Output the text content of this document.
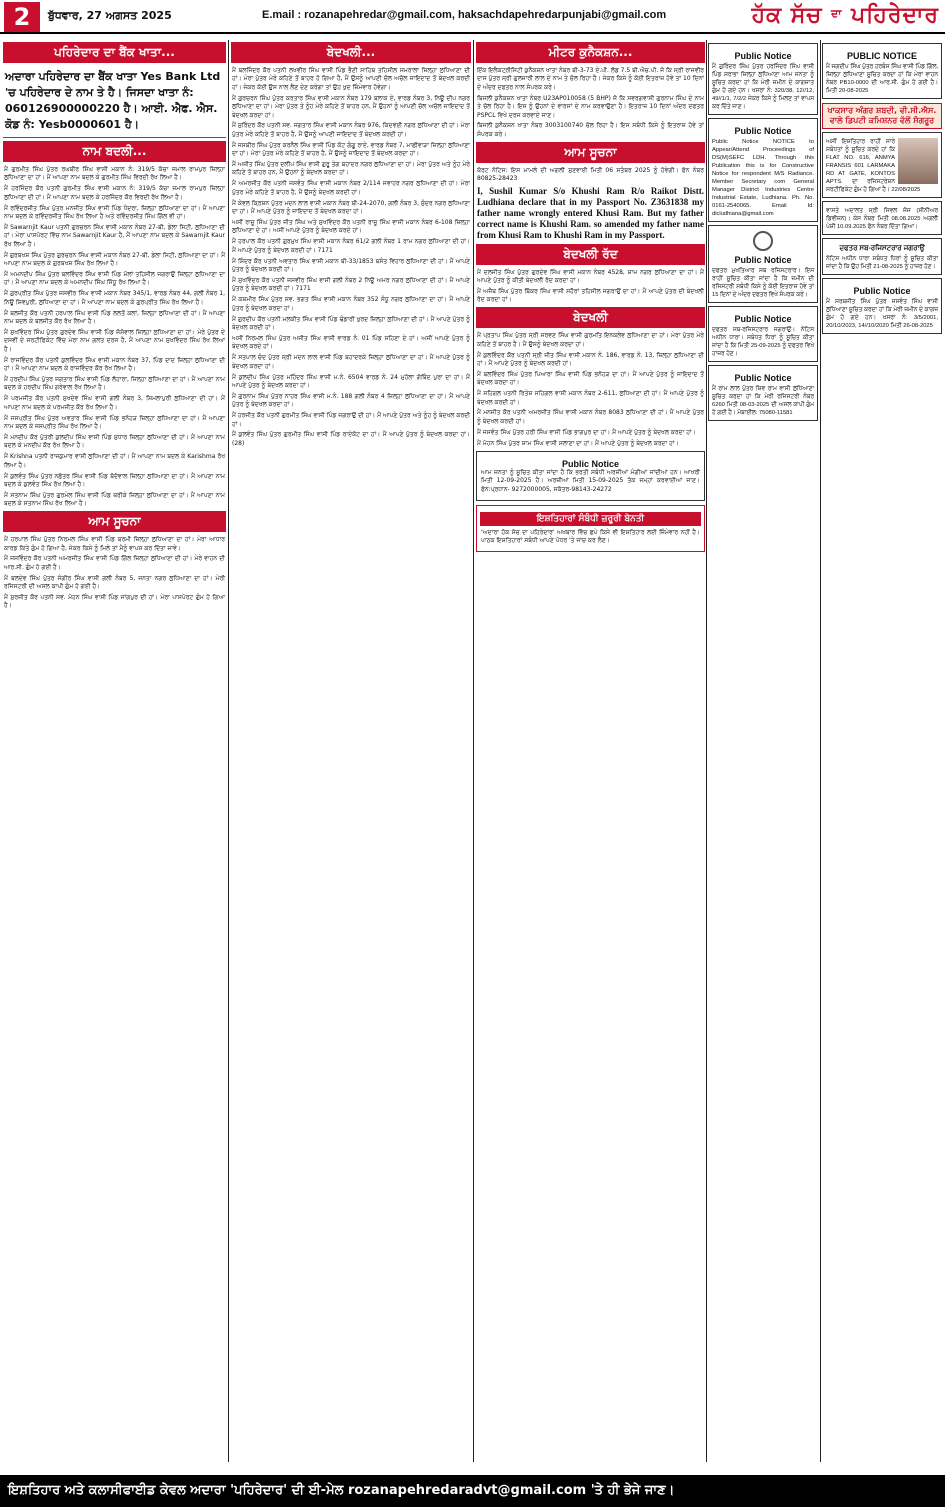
2	ਬੁੱਧਵਾਰ, 27 ਅਗਸਤ 2025	E.mail : rozanapehredar@gmail.com, haksachdapehredarpunjabi@gmail.com	ਹੱਕ ਸੱਚ $^{ਦਾ}$ ਪਹਿਰੇਦਾਰ
ਪਹਿਰੇਦਾਰ ਦਾ ਬੈਂਕ ਖਾਤਾ...
ਅਦਾਰਾ ਪਹਿਰੇਦਾਰ ਦਾ ਬੈਂਕ ਖਾਤਾ Yes Bank Ltd 'ਚ ਪਹਿਰੇਦਾਰ ਦੇ ਨਾਮ ਤੇ ਹੈ। ਜਿਸਦਾ ਖਾਤਾ ਨੰ: 060126900000220 ਹੈ। ਆਈ. ਐਫ. ਐਸ. ਕੋਡ ਨੰ: Yesb0000601 ਹੈ।
ਨਾਮ ਬਦਲੀ...

ਮੈਂ ਗੁਰਮੀਤ ਸਿੰਘ ਪੁੱਤਰ ਰਘਬੀਰ ਸਿੰਘ ਵਾਸੀ ਮਕਾਨ ਨੰ: 319/5 ਕੱਚਾ ਜਮਾਲ ਰਾਮਪੁਰ ਜ਼ਿਲ੍ਹਾ ਲੁਧਿਆਣਾ ਦਾ ਹਾਂ। ਮੈਂ ਆਪਣਾ ਨਾਮ ਬਦਲ ਕੇ ਗੁਰਮੀਤ ਸਿੰਘ ਵਿਰਦੀ ਰੱਖ ਲਿਆ ਹੈ।

ਮੈਂ ਹਰਜਿੰਦਰ ਕੌਰ ਪਤਨੀ ਗੁਰਮੀਤ ਸਿੰਘ ਵਾਸੀ ਮਕਾਨ ਨੰ: 319/5 ਕੱਚਾ ਜਮਾਲ ਰਾਮਪੁਰ ਜ਼ਿਲ੍ਹਾ ਲੁਧਿਆਣਾ ਦੀ ਹਾਂ। ਮੈਂ ਆਪਣਾ ਨਾਮ ਬਦਲ ਕੇ ਹਰਜਿੰਦਰ ਕੌਰ ਵਿਰਦੀ ਰੱਖ ਲਿਆ ਹੈ।

ਮੈਂ ਰਵਿੰਦਰਜੀਤ ਸਿੰਘ ਪੁੱਤਰ ਮਨਜੀਤ ਸਿੰਘ ਵਾਸੀ ਪਿੰਡ ਧੰਦਰਾ, ਜ਼ਿਲ੍ਹਾ ਲੁਧਿਆਣਾ ਦਾ ਹਾਂ। ਮੈਂ ਆਪਣਾ ਨਾਮ ਬਦਲ ਕੇ ਰਵਿੰਦਰਜੀਤ ਸਿੰਘ ਰੱਖ ਲਿਆ ਹੈ ਅਤੇ ਰਵਿੰਦਰਜੀਤ ਸਿੰਘ ਗਿੱਲ ਵੀ ਹਾਂ।

ਮੈਂ Sawarnjit Kaur ਪਤਨੀ ਗੁਰਚਰਨ ਸਿੰਘ ਵਾਸੀ ਮਕਾਨ ਨੰਬਰ 27-ਬੀ, ਡੇਲਾ ਸਿਟੀ, ਲੁਧਿਆਣਾ ਦੀ ਹਾਂ। ਮੇਰਾ ਪਾਸਪੋਰਟ ਵਿੱਚ ਨਾਮ Sawarnjit Kaur ਹੈ, ਮੈਂ ਆਪਣਾ ਨਾਮ ਬਦਲ ਕੇ Sawarnjit Kaur ਰੱਖ ਲਿਆ ਹੈ।

ਮੈਂ ਗੁਰਬਖਸ਼ ਸਿੰਘ ਪੁੱਤਰ ਗੁਰਚਰਨ ਸਿੰਘ ਵਾਸੀ ਮਕਾਨ ਨੰਬਰ 27-ਬੀ, ਡੇਲਾ ਸਿਟੀ, ਲੁਧਿਆਣਾ ਦਾ ਹਾਂ। ਮੈਂ ਆਪਣਾ ਨਾਮ ਬਦਲ ਕੇ ਗੁਰਬਖਸ਼ ਸਿੰਘ ਰੱਖ ਲਿਆ ਹੈ।

ਮੈਂ ਅਮਨਦੀਪ ਸਿੰਘ ਪੁੱਤਰ ਬਲਵਿੰਦਰ ਸਿੰਘ ਵਾਸੀ ਪਿੰਡ ਮੱਲਾਂ ਤਹਿਸੀਲ ਜਗਰਾਉਂ ਜ਼ਿਲ੍ਹਾ ਲੁਧਿਆਣਾ ਦਾ ਹਾਂ। ਮੈਂ ਆਪਣਾ ਨਾਮ ਬਦਲ ਕੇ ਅਮਨਦੀਪ ਸਿੰਘ ਸਿੱਧੂ ਰੱਖ ਲਿਆ ਹੈ।

ਮੈਂ ਗੁਰਪ੍ਰੀਤ ਸਿੰਘ ਪੁੱਤਰ ਜਸਵੀਰ ਸਿੰਘ ਵਾਸੀ ਮਕਾਨ ਨੰਬਰ 345/1, ਵਾਰਡ ਨੰਬਰ 44, ਗਲੀ ਨੰਬਰ 1, ਨਿਊ ਸ਼ਿਵਪੁਰੀ, ਲੁਧਿਆਣਾ ਦਾ ਹਾਂ। ਮੈਂ ਆਪਣਾ ਨਾਮ ਬਦਲ ਕੇ ਗੁਰਪ੍ਰੀਤ ਸਿੰਘ ਰੱਖ ਲਿਆ ਹੈ।

ਮੈਂ ਬਲਜੀਤ ਕੌਰ ਪਤਨੀ ਹਰਪਾਲ ਸਿੰਘ ਵਾਸੀ ਪਿੰਡ ਲਲਤੋਂ ਕਲਾਂ, ਜ਼ਿਲ੍ਹਾ ਲੁਧਿਆਣਾ ਦੀ ਹਾਂ। ਮੈਂ ਆਪਣਾ ਨਾਮ ਬਦਲ ਕੇ ਬਲਜੀਤ ਕੌਰ ਰੱਖ ਲਿਆ ਹੈ।

ਮੈਂ ਸੁਖਵਿੰਦਰ ਸਿੰਘ ਪੁੱਤਰ ਗੁਰਦੇਵ ਸਿੰਘ ਵਾਸੀ ਪਿੰਡ ਜੱਸੋਵਾਲ ਜ਼ਿਲ੍ਹਾ ਲੁਧਿਆਣਾ ਦਾ ਹਾਂ। ਮੇਰੇ ਪੁੱਤਰ ਦੇ ਦਸਵੀਂ ਦੇ ਸਰਟੀਫਿਕੇਟ ਵਿੱਚ ਮੇਰਾ ਨਾਮ ਗਲਤ ਦਰਜ ਹੈ, ਮੈਂ ਆਪਣਾ ਨਾਮ ਸੁਖਵਿੰਦਰ ਸਿੰਘ ਰੱਖ ਲਿਆ ਹੈ।

ਮੈਂ ਰਾਜਵਿੰਦਰ ਕੌਰ ਪਤਨੀ ਕੁਲਵਿੰਦਰ ਸਿੰਘ ਵਾਸੀ ਮਕਾਨ ਨੰਬਰ 37, ਪਿੰਡ ਦਾਦ ਜ਼ਿਲ੍ਹਾ ਲੁਧਿਆਣਾ ਦੀ ਹਾਂ। ਮੈਂ ਆਪਣਾ ਨਾਮ ਬਦਲ ਕੇ ਰਾਜਵਿੰਦਰ ਕੌਰ ਰੱਖ ਲਿਆ ਹੈ।

ਮੈਂ ਹਰਦੀਪ ਸਿੰਘ ਪੁੱਤਰ ਜਗਤਾਰ ਸਿੰਘ ਵਾਸੀ ਪਿੰਡ ਲੋਹਾਰਾ, ਜ਼ਿਲ੍ਹਾ ਲੁਧਿਆਣਾ ਦਾ ਹਾਂ। ਮੈਂ ਆਪਣਾ ਨਾਮ ਬਦਲ ਕੇ ਹਰਦੀਪ ਸਿੰਘ ਗਰੇਵਾਲ ਰੱਖ ਲਿਆ ਹੈ।

ਮੈਂ ਪਰਮਜੀਤ ਕੌਰ ਪਤਨੀ ਸੁਖਦੇਵ ਸਿੰਘ ਵਾਸੀ ਗਲੀ ਨੰਬਰ 3, ਸ਼ਿਮਲਾਪੁਰੀ ਲੁਧਿਆਣਾ ਦੀ ਹਾਂ। ਮੈਂ ਆਪਣਾ ਨਾਮ ਬਦਲ ਕੇ ਪਰਮਜੀਤ ਕੌਰ ਰੱਖ ਲਿਆ ਹੈ।

ਮੈਂ ਜਸਪ੍ਰੀਤ ਸਿੰਘ ਪੁੱਤਰ ਅਵਤਾਰ ਸਿੰਘ ਵਾਸੀ ਪਿੰਡ ਭਨੋਹੜ ਜ਼ਿਲ੍ਹਾ ਲੁਧਿਆਣਾ ਦਾ ਹਾਂ। ਮੈਂ ਆਪਣਾ ਨਾਮ ਬਦਲ ਕੇ ਜਸਪ੍ਰੀਤ ਸਿੰਘ ਰੱਖ ਲਿਆ ਹੈ।

ਮੈਂ ਮਨਦੀਪ ਕੌਰ ਪੁੱਤਰੀ ਕੁਲਦੀਪ ਸਿੰਘ ਵਾਸੀ ਪਿੰਡ ਸੁਧਾਰ ਜ਼ਿਲ੍ਹਾ ਲੁਧਿਆਣਾ ਦੀ ਹਾਂ। ਮੈਂ ਆਪਣਾ ਨਾਮ ਬਦਲ ਕੇ ਮਨਦੀਪ ਕੌਰ ਰੱਖ ਲਿਆ ਹੈ।

ਮੈਂ Krishna ਪਤਨੀ ਰਾਜਕੁਮਾਰ ਵਾਸੀ ਲੁਧਿਆਣਾ ਦੀ ਹਾਂ। ਮੈਂ ਆਪਣਾ ਨਾਮ ਬਦਲ ਕੇ Karishma ਰੱਖ ਲਿਆ ਹੈ।

ਮੈਂ ਕੁਲਵੰਤ ਸਿੰਘ ਪੁੱਤਰ ਨਛੱਤਰ ਸਿੰਘ ਵਾਸੀ ਪਿੰਡ ਬੱਦੋਵਾਲ ਜ਼ਿਲ੍ਹਾ ਲੁਧਿਆਣਾ ਦਾ ਹਾਂ। ਮੈਂ ਆਪਣਾ ਨਾਮ ਬਦਲ ਕੇ ਕੁਲਵੰਤ ਸਿੰਘ ਰੱਖ ਲਿਆ ਹੈ।

ਮੈਂ ਸਤਨਾਮ ਸਿੰਘ ਪੁੱਤਰ ਗੁਰਮੇਲ ਸਿੰਘ ਵਾਸੀ ਪਿੰਡ ਥਰੀਕੇ ਜ਼ਿਲ੍ਹਾ ਲੁਧਿਆਣਾ ਦਾ ਹਾਂ। ਮੈਂ ਆਪਣਾ ਨਾਮ ਬਦਲ ਕੇ ਸਤਨਾਮ ਸਿੰਘ ਰੱਖ ਲਿਆ ਹੈ।

ਆਮ ਸੂਚਨਾ

ਮੈਂ ਹਰਪਾਲ ਸਿੰਘ ਪੁੱਤਰ ਨਿਰਮਲ ਸਿੰਘ ਵਾਸੀ ਪਿੰਡ ਬਰਮੀ ਜ਼ਿਲ੍ਹਾ ਲੁਧਿਆਣਾ ਦਾ ਹਾਂ। ਮੇਰਾ ਆਧਾਰ ਕਾਰਡ ਕਿਤੇ ਗੁੰਮ ਹੋ ਗਿਆ ਹੈ, ਜੇਕਰ ਕਿਸੇ ਨੂੰ ਮਿਲੇ ਤਾਂ ਮੈਨੂੰ ਵਾਪਸ ਕਰ ਦਿੱਤਾ ਜਾਵੇ।

ਮੈਂ ਜਸਵਿੰਦਰ ਕੌਰ ਪਤਨੀ ਅਮਰਜੀਤ ਸਿੰਘ ਵਾਸੀ ਪਿੰਡ ਗਿੱਲ ਜ਼ਿਲ੍ਹਾ ਲੁਧਿਆਣਾ ਦੀ ਹਾਂ। ਮੇਰੇ ਵਾਹਨ ਦੀ ਆਰ.ਸੀ. ਗੁੰਮ ਹੋ ਗਈ ਹੈ।

ਮੈਂ ਬਲਦੇਵ ਸਿੰਘ ਪੁੱਤਰ ਜੰਗੀਰ ਸਿੰਘ ਵਾਸੀ ਗਲੀ ਨੰਬਰ 5, ਜਨਤਾ ਨਗਰ ਲੁਧਿਆਣਾ ਦਾ ਹਾਂ। ਮੇਰੀ ਰਜਿਸਟਰੀ ਦੀ ਅਸਲ ਕਾਪੀ ਗੁੰਮ ਹੋ ਗਈ ਹੈ।

ਮੈਂ ਸੁਰਜੀਤ ਕੌਰ ਪਤਨੀ ਸਵ. ਮੋਹਨ ਸਿੰਘ ਵਾਸੀ ਪਿੰਡ ਜਾਂਗਪੁਰ ਦੀ ਹਾਂ। ਮੇਰਾ ਪਾਸਪੋਰਟ ਗੁੰਮ ਹੋ ਗਿਆ ਹੈ।

ਬੇਦਖਲੀ...

ਮੈਂ ਬਲਜਿੰਦਰ ਕੌਰ ਪਤਨੀ ਲਖਵੀਰ ਸਿੰਘ ਵਾਸੀ ਪਿੰਡ ਭੈਣੀ ਸਾਹਿਬ ਤਹਿਸੀਲ ਸਮਰਾਲਾ ਜ਼ਿਲ੍ਹਾ ਲੁਧਿਆਣਾ ਦੀ ਹਾਂ। ਮੇਰਾ ਪੁੱਤਰ ਮੇਰੇ ਕਹਿਣੇ ਤੋਂ ਬਾਹਰ ਹੋ ਗਿਆ ਹੈ, ਮੈਂ ਉਸਨੂੰ ਆਪਣੀ ਚੱਲ ਅਚੱਲ ਜਾਇਦਾਦ ਤੋਂ ਬੇਦਖਲ ਕਰਦੀ ਹਾਂ। ਜੇਕਰ ਕੋਈ ਉਸ ਨਾਲ ਲੈਣ ਦੇਣ ਕਰੇਗਾ ਤਾਂ ਉਹ ਖੁਦ ਜ਼ਿੰਮੇਵਾਰ ਹੋਵੇਗਾ।

ਮੈਂ ਗੁਰਚਰਨ ਸਿੰਘ ਪੁੱਤਰ ਕਰਤਾਰ ਸਿੰਘ ਵਾਸੀ ਮਕਾਨ ਨੰਬਰ 179 ਬਲਾਕ ਏ, ਵਾਰਡ ਨੰਬਰ 3, ਨਿਊ ਦੀਪ ਨਗਰ ਲੁਧਿਆਣਾ ਦਾ ਹਾਂ। ਮੇਰਾ ਪੁੱਤਰ ਤੇ ਨੂੰਹ ਮੇਰੇ ਕਹਿਣੇ ਤੋਂ ਬਾਹਰ ਹਨ, ਮੈਂ ਉਹਨਾਂ ਨੂੰ ਆਪਣੀ ਚੱਲ ਅਚੱਲ ਜਾਇਦਾਦ ਤੋਂ ਬੇਦਖਲ ਕਰਦਾ ਹਾਂ।

ਮੈਂ ਸੁਰਿੰਦਰ ਕੌਰ ਪਤਨੀ ਸਵ. ਜਗਤਾਰ ਸਿੰਘ ਵਾਸੀ ਮਕਾਨ ਨੰਬਰ 976, ਕਿਦਵਈ ਨਗਰ ਲੁਧਿਆਣਾ ਦੀ ਹਾਂ। ਮੇਰਾ ਪੁੱਤਰ ਮੇਰੇ ਕਹਿਣੇ ਤੋਂ ਬਾਹਰ ਹੈ, ਮੈਂ ਉਸਨੂੰ ਆਪਣੀ ਜਾਇਦਾਦ ਤੋਂ ਬੇਦਖਲ ਕਰਦੀ ਹਾਂ।

ਮੈਂ ਜਸਬੀਰ ਸਿੰਘ ਪੁੱਤਰ ਕਰਨੈਲ ਸਿੰਘ ਵਾਸੀ ਪਿੰਡ ਕੋਟ ਗੰਗੂ ਰਾਏ, ਵਾਰਡ ਨੰਬਰ 7, ਮਾਛੀਵਾੜਾ ਜ਼ਿਲ੍ਹਾ ਲੁਧਿਆਣਾ ਦਾ ਹਾਂ। ਮੇਰਾ ਪੁੱਤਰ ਮੇਰੇ ਕਹਿਣੇ ਤੋਂ ਬਾਹਰ ਹੈ, ਮੈਂ ਉਸਨੂੰ ਜਾਇਦਾਦ ਤੋਂ ਬੇਦਖਲ ਕਰਦਾ ਹਾਂ।

ਮੈਂ ਅਜੀਤ ਸਿੰਘ ਪੁੱਤਰ ਦਲੀਪ ਸਿੰਘ ਵਾਸੀ ਗੁਰੂ ਤੇਗ ਬਹਾਦਰ ਨਗਰ ਲੁਧਿਆਣਾ ਦਾ ਹਾਂ। ਮੇਰਾ ਪੁੱਤਰ ਅਤੇ ਨੂੰਹ ਮੇਰੇ ਕਹਿਣੇ ਤੋਂ ਬਾਹਰ ਹਨ, ਮੈਂ ਉਹਨਾਂ ਨੂੰ ਬੇਦਖਲ ਕਰਦਾ ਹਾਂ।

ਮੈਂ ਅਮਰਜੀਤ ਕੌਰ ਪਤਨੀ ਜਸਵੰਤ ਸਿੰਘ ਵਾਸੀ ਮਕਾਨ ਨੰਬਰ 2/114 ਜਵਾਹਰ ਨਗਰ ਲੁਧਿਆਣਾ ਦੀ ਹਾਂ। ਮੇਰਾ ਪੁੱਤਰ ਮੇਰੇ ਕਹਿਣੇ ਤੋਂ ਬਾਹਰ ਹੈ, ਮੈਂ ਉਸਨੂੰ ਬੇਦਖਲ ਕਰਦੀ ਹਾਂ।

ਮੈਂ ਕੇਵਲ ਕ੍ਰਿਸ਼ਨ ਪੁੱਤਰ ਮਦਨ ਲਾਲ ਵਾਸੀ ਮਕਾਨ ਨੰਬਰ ਬੀ-24-2070, ਗਲੀ ਨੰਬਰ 3, ਸੁੰਦਰ ਨਗਰ ਲੁਧਿਆਣਾ ਦਾ ਹਾਂ। ਮੈਂ ਆਪਣੇ ਪੁੱਤਰ ਨੂੰ ਜਾਇਦਾਦ ਤੋਂ ਬੇਦਖਲ ਕਰਦਾ ਹਾਂ।

ਅਸੀਂ ਰਾਜੂ ਸਿੰਘ ਪੁੱਤਰ ਜੀਤ ਸਿੰਘ ਅਤੇ ਸੁਖਵਿੰਦਰ ਕੌਰ ਪਤਨੀ ਰਾਜੂ ਸਿੰਘ ਵਾਸੀ ਮਕਾਨ ਨੰਬਰ 6-108 ਜ਼ਿਲ੍ਹਾ ਲੁਧਿਆਣਾ ਦੇ ਹਾਂ। ਅਸੀਂ ਆਪਣੇ ਪੁੱਤਰ ਨੂੰ ਬੇਦਖਲ ਕਰਦੇ ਹਾਂ।

ਮੈਂ ਹਰਪਾਲ ਕੌਰ ਪਤਨੀ ਗੁਰਮੁਖ ਸਿੰਘ ਵਾਸੀ ਮਕਾਨ ਨੰਬਰ 61/2 ਗਲੀ ਨੰਬਰ 1 ਰਾਮ ਨਗਰ ਲੁਧਿਆਣਾ ਦੀ ਹਾਂ। ਮੈਂ ਆਪਣੇ ਪੁੱਤਰ ਨੂੰ ਬੇਦਖਲ ਕਰਦੀ ਹਾਂ। 7171

ਮੈਂ ਸ਼ਿੰਦਰ ਕੌਰ ਪਤਨੀ ਅਵਤਾਰ ਸਿੰਘ ਵਾਸੀ ਮਕਾਨ ਬੀ-33/1853 ਬਸੰਤ ਵਿਹਾਰ ਲੁਧਿਆਣਾ ਦੀ ਹਾਂ। ਮੈਂ ਆਪਣੇ ਪੁੱਤਰ ਨੂੰ ਬੇਦਖਲ ਕਰਦੀ ਹਾਂ।

ਮੈਂ ਸੁਖਵਿੰਦਰ ਕੌਰ ਪਤਨੀ ਜਸਵੀਰ ਸਿੰਘ ਵਾਸੀ ਗਲੀ ਨੰਬਰ 2 ਨਿਊ ਅਮਰ ਨਗਰ ਲੁਧਿਆਣਾ ਦੀ ਹਾਂ। ਮੈਂ ਆਪਣੇ ਪੁੱਤਰ ਨੂੰ ਬੇਦਖਲ ਕਰਦੀ ਹਾਂ। 7171

ਮੈਂ ਕਸ਼ਮੀਰ ਸਿੰਘ ਪੁੱਤਰ ਸਵ. ਭਗਤ ਸਿੰਘ ਵਾਸੀ ਮਕਾਨ ਨੰਬਰ 352 ਸੰਧੂ ਨਗਰ ਲੁਧਿਆਣਾ ਦਾ ਹਾਂ। ਮੈਂ ਆਪਣੇ ਪੁੱਤਰ ਨੂੰ ਬੇਦਖਲ ਕਰਦਾ ਹਾਂ।

ਮੈਂ ਗੁਰਦੀਪ ਕੌਰ ਪਤਨੀ ਮਲਕੀਤ ਸਿੰਘ ਵਾਸੀ ਪਿੰਡ ਢੰਡਾਰੀ ਖੁਰਦ ਜ਼ਿਲ੍ਹਾ ਲੁਧਿਆਣਾ ਦੀ ਹਾਂ। ਮੈਂ ਆਪਣੇ ਪੁੱਤਰ ਨੂੰ ਬੇਦਖਲ ਕਰਦੀ ਹਾਂ।

ਅਸੀਂ ਨਿਰਮਲ ਸਿੰਘ ਪੁੱਤਰ ਅਜੀਤ ਸਿੰਘ ਵਾਸੀ ਵਾਰਡ ਨੰ. 01 ਪਿੰਡ ਸਹਿਣਾ ਦੇ ਹਾਂ। ਅਸੀਂ ਆਪਣੇ ਪੁੱਤਰ ਨੂੰ ਬੇਦਖਲ ਕਰਦੇ ਹਾਂ।

ਮੈਂ ਸਤਪਾਲ ਚੰਦ ਪੁੱਤਰ ਸ੍ਰੀ ਮਦਨ ਲਾਲ ਵਾਸੀ ਪਿੰਡ ਬਹਾਦਰਕੇ ਜ਼ਿਲ੍ਹਾ ਲੁਧਿਆਣਾ ਦਾ ਹਾਂ। ਮੈਂ ਆਪਣੇ ਪੁੱਤਰ ਨੂੰ ਬੇਦਖਲ ਕਰਦਾ ਹਾਂ।

ਮੈਂ ਕੁਲਦੀਪ ਸਿੰਘ ਪੁੱਤਰ ਮਹਿੰਦਰ ਸਿੰਘ ਵਾਸੀ ਮ.ਨੰ. 6504 ਵਾਰਡ ਨੰ. 24 ਮੁਹੱਲਾ ਗੋਬਿੰਦ ਪੁਰਾ ਦਾ ਹਾਂ। ਮੈਂ ਆਪਣੇ ਪੁੱਤਰ ਨੂੰ ਬੇਦਖਲ ਕਰਦਾ ਹਾਂ।

ਮੈਂ ਗੁਰਨਾਮ ਸਿੰਘ ਪੁੱਤਰ ਨਾਹਰ ਸਿੰਘ ਵਾਸੀ ਮ.ਨੰ. 188 ਗਲੀ ਨੰਬਰ 4 ਜ਼ਿਲ੍ਹਾ ਲੁਧਿਆਣਾ ਦਾ ਹਾਂ। ਮੈਂ ਆਪਣੇ ਪੁੱਤਰ ਨੂੰ ਬੇਦਖਲ ਕਰਦਾ ਹਾਂ।

ਮੈਂ ਹਰਜੀਤ ਕੌਰ ਪਤਨੀ ਗੁਰਮੀਤ ਸਿੰਘ ਵਾਸੀ ਪਿੰਡ ਜਗਰਾਉਂ ਦੀ ਹਾਂ। ਮੈਂ ਆਪਣੇ ਪੁੱਤਰ ਅਤੇ ਨੂੰਹ ਨੂੰ ਬੇਦਖਲ ਕਰਦੀ ਹਾਂ।

ਮੈਂ ਕੁਲਵੰਤ ਸਿੰਘ ਪੁੱਤਰ ਗੁਰਮੀਤ ਸਿੰਘ ਵਾਸੀ ਪਿੰਡ ਰਾਏਕੋਟ ਦਾ ਹਾਂ। ਮੈਂ ਆਪਣੇ ਪੁੱਤਰ ਨੂੰ ਬੇਦਖਲ ਕਰਦਾ ਹਾਂ। (28)

ਮੀਟਰ ਕੁਨੈਕਸ਼ਨ...

ਇੱਕ ਇਲੈਕਟ੍ਰੀਸਿਟੀ ਕੁਨੈਕਸ਼ਨ ਖਾਤਾ ਨੰਬਰ ਬੀ-3-73 ਏ.ਪੀ. ਲੋਡ 7.5 ਬੀ.ਐਚ.ਪੀ. ਜੋ ਕਿ ਸ੍ਰੀ ਰਾਜਵੀਰ ਦਾਸ ਪੁੱਤਰ ਸ੍ਰੀ ਗੁਲਜ਼ਾਰੀ ਲਾਲ ਦੇ ਨਾਮ ਤੇ ਚੱਲ ਰਿਹਾ ਹੈ। ਜੇਕਰ ਕਿਸੇ ਨੂੰ ਕੋਈ ਇਤਰਾਜ਼ ਹੋਵੇ ਤਾਂ 10 ਦਿਨਾਂ ਦੇ ਅੰਦਰ ਦਫਤਰ ਨਾਲ ਸੰਪਰਕ ਕਰੇ।

ਬਿਜਲੀ ਕੁਨੈਕਸ਼ਨ ਖਾਤਾ ਨੰਬਰ U23AP010058 (5 BHP) ਜੋ ਕਿ ਸਵਰਗਵਾਸੀ ਗੁਰਨਾਮ ਸਿੰਘ ਦੇ ਨਾਮ ਤੇ ਚੱਲ ਰਿਹਾ ਹੈ। ਇਸ ਨੂੰ ਉਹਨਾਂ ਦੇ ਵਾਰਸਾਂ ਦੇ ਨਾਮ ਕਰਵਾਉਣਾ ਹੈ। ਇਤਰਾਜ਼ 10 ਦਿਨਾਂ ਅੰਦਰ ਦਫਤਰ PSPCL ਵਿਖੇ ਦਰਜ ਕਰਵਾਏ ਜਾਣ।

ਬਿਜਲੀ ਕੁਨੈਕਸ਼ਨ ਖਾਤਾ ਨੰਬਰ 3003100740 ਚੱਲ ਰਿਹਾ ਹੈ। ਇਸ ਸਬੰਧੀ ਕਿਸੇ ਨੂੰ ਇਤਰਾਜ਼ ਹੋਵੇ ਤਾਂ ਸੰਪਰਕ ਕਰੇ।

ਆਮ ਸੂਚਨਾ
ਕੋਰਟ ਨੋਟਿਸ: ਇਸ ਮਾਮਲੇ ਦੀ ਅਗਲੀ ਸੁਣਵਾਈ ਮਿਤੀ 06 ਸਤੰਬਰ 2025 ਨੂੰ ਹੋਵੇਗੀ। ਫੋਨ ਨੰਬਰ 80825-28423
I, Sushil Kumar S/o Khushi Ram R/o Raikot Distt. Ludhiana declare that in my Passport No. Z3631838 my father name wrongly entered Khusi Ram. But my father correct name is Khushi Ram. so amended my father name from Khusi Ram to Khushi Ram in my Passport.
ਬੇਦਖਲੀ ਰੱਦ

ਮੈਂ ਦਲਜੀਤ ਸਿੰਘ ਪੁੱਤਰ ਗੁਰਦੇਵ ਸਿੰਘ ਵਾਸੀ ਮਕਾਨ ਨੰਬਰ 4528, ਸ਼ਾਮ ਨਗਰ ਲੁਧਿਆਣਾ ਦਾ ਹਾਂ। ਮੈਂ ਆਪਣੇ ਪੁੱਤਰ ਨੂੰ ਕੀਤੀ ਬੇਦਖਲੀ ਰੱਦ ਕਰਦਾ ਹਾਂ।

ਮੈਂ ਅਜੈਬ ਸਿੰਘ ਪੁੱਤਰ ਬਿੱਕਰ ਸਿੰਘ ਵਾਸੀ ਸਹੌਰਾਂ ਤਹਿਸੀਲ ਜਗਰਾਉਂ ਦਾ ਹਾਂ। ਮੈਂ ਆਪਣੇ ਪੁੱਤਰ ਦੀ ਬੇਦਖਲੀ ਰੱਦ ਕਰਦਾ ਹਾਂ।

ਬੇਦਖਲੀ

ਮੈਂ ਪ੍ਰਤਾਪ ਸਿੰਘ ਪੁੱਤਰ ਸ੍ਰੀ ਸਰਵਣ ਸਿੰਘ ਵਾਸੀ ਗੁਰਮਤਿ ਇਨਕਲੇਵ ਲੁਧਿਆਣਾ ਦਾ ਹਾਂ। ਮੇਰਾ ਪੁੱਤਰ ਮੇਰੇ ਕਹਿਣੇ ਤੋਂ ਬਾਹਰ ਹੈ। ਮੈਂ ਉਸਨੂੰ ਬੇਦਖਲ ਕਰਦਾ ਹਾਂ।

ਮੈਂ ਕੁਲਵਿੰਦਰ ਕੌਰ ਪਤਨੀ ਸ੍ਰੀ ਜੀਤ ਸਿੰਘ ਵਾਸੀ ਮਕਾਨ ਨੰ. 186, ਵਾਰਡ ਨੰ. 13, ਜ਼ਿਲ੍ਹਾ ਲੁਧਿਆਣਾ ਦੀ ਹਾਂ। ਮੈਂ ਆਪਣੇ ਪੁੱਤਰ ਨੂੰ ਬੇਦਖਲ ਕਰਦੀ ਹਾਂ।

ਮੈਂ ਬਲਵਿੰਦਰ ਸਿੰਘ ਪੁੱਤਰ ਪਿਆਰਾ ਸਿੰਘ ਵਾਸੀ ਪਿੰਡ ਭਨੋਹੜ ਦਾ ਹਾਂ। ਮੈਂ ਆਪਣੇ ਪੁੱਤਰ ਨੂੰ ਜਾਇਦਾਦ ਤੋਂ ਬੇਦਖਲ ਕਰਦਾ ਹਾਂ।

ਮੈਂ ਸਹਿਗਲ ਪਤਨੀ ਰਿਤੇਸ਼ ਸਹਿਗਲ ਵਾਸੀ ਮਕਾਨ ਨੰਬਰ 2-611, ਲੁਧਿਆਣਾ ਦੀ ਹਾਂ। ਮੈਂ ਆਪਣੇ ਪੁੱਤਰ ਨੂੰ ਬੇਦਖਲ ਕਰਦੀ ਹਾਂ।

ਮੈਂ ਮਨਜੀਤ ਕੌਰ ਪਤਨੀ ਅਮਰਜੀਤ ਸਿੰਘ ਵਾਸੀ ਮਕਾਨ ਨੰਬਰ 8083 ਲੁਧਿਆਣਾ ਦੀ ਹਾਂ। ਮੈਂ ਆਪਣੇ ਪੁੱਤਰ ਨੂੰ ਬੇਦਖਲ ਕਰਦੀ ਹਾਂ।

ਮੈਂ ਜਸਵੰਤ ਸਿੰਘ ਪੁੱਤਰ ਹਰੀ ਸਿੰਘ ਵਾਸੀ ਪਿੰਡ ਭਾਗਪੁਰ ਦਾ ਹਾਂ। ਮੈਂ ਆਪਣੇ ਪੁੱਤਰ ਨੂੰ ਬੇਦਖਲ ਕਰਦਾ ਹਾਂ।

ਮੈਂ ਮੋਹਨ ਸਿੰਘ ਪੁੱਤਰ ਸ਼ਾਮ ਸਿੰਘ ਵਾਸੀ ਸਲਾਣਾ ਦਾ ਹਾਂ। ਮੈਂ ਆਪਣੇ ਪੁੱਤਰ ਨੂੰ ਬੇਦਖਲ ਕਰਦਾ ਹਾਂ।

Public Notice
ਆਮ ਜਨਤਾ ਨੂੰ ਸੂਚਿਤ ਕੀਤਾ ਜਾਂਦਾ ਹੈ ਕਿ ਭਰਤੀ ਸਬੰਧੀ ਅਰਜ਼ੀਆਂ ਮੰਗੀਆਂ ਜਾਂਦੀਆਂ ਹਨ। ਆਖਰੀ ਮਿਤੀ 12-09-2025 ਹੈ। ਅਰਜ਼ੀਆਂ ਮਿਤੀ 15-09-2025 ਤੱਕ ਜਮ੍ਹਾਂ ਕਰਵਾਈਆਂ ਜਾਣ। ਫੋਨ:ਪ੍ਰਧਾਨ- 9272000005, ਸਕੱਤਰ-98143-24272
ਇਸ਼ਤਿਹਾਰਾਂ ਸੰਬੰਧੀ ਜ਼ਰੂਰੀ ਬੇਨਤੀ
'ਅਦਾਰਾ ਹੱਕ ਸੱਚ ਦਾ ਪਹਿਰੇਦਾਰ' ਅਖਬਾਰ ਵਿੱਚ ਛਪੇ ਕਿਸੇ ਵੀ ਇਸ਼ਤਿਹਾਰ ਲਈ ਜ਼ਿੰਮੇਵਾਰ ਨਹੀਂ ਹੈ। ਪਾਠਕ ਇਸ਼ਤਿਹਾਰਾਂ ਸਬੰਧੀ ਆਪਣੇ ਪੱਧਰ 'ਤੇ ਜਾਂਚ ਕਰ ਲੈਣ।
Public Notice
ਮੈਂ ਗੁਰਿੰਦਰ ਸਿੰਘ ਪੁੱਤਰ ਹਰਜਿੰਦਰ ਸਿੰਘ ਵਾਸੀ ਪਿੰਡ ਸਰਾਭਾ ਜ਼ਿਲ੍ਹਾ ਲੁਧਿਆਣਾ ਆਮ ਜਨਤਾ ਨੂੰ ਸੂਚਿਤ ਕਰਦਾ ਹਾਂ ਕਿ ਮੇਰੀ ਜ਼ਮੀਨ ਦੇ ਕਾਗਜ਼ਾਤ ਗੁੰਮ ਹੋ ਗਏ ਹਨ। ਖਸਰਾ ਨੰ: 320/38, 12//12, 49//1/1, 7/2/2 ਜੇਕਰ ਕਿਸੇ ਨੂੰ ਮਿਲਣ ਤਾਂ ਵਾਪਸ ਕਰ ਦਿੱਤੇ ਜਾਣ।
Public Notice
Public Notice NOTICE to Appear/Attend Proceedings of DS(M)SEFC LDH. Through this Publication this is for Constructive Notice for respondent M/S Radiance. Member Secretary com General Manager District Industries Centre Industrial Estate, Ludhiana. Ph. No. 0161-2540065. Email Id: dicludhiana@gmail.com
Public Notice
ਦਫਤਰ ਮੁਖਤਿਆਰ ਸਬ ਰਜਿਸਟਰਾਰ। ਇਸ ਰਾਹੀਂ ਸੂਚਿਤ ਕੀਤਾ ਜਾਂਦਾ ਹੈ ਕਿ ਜ਼ਮੀਨ ਦੀ ਰਜਿਸਟਰੀ ਸਬੰਧੀ ਕਿਸੇ ਨੂੰ ਕੋਈ ਇਤਰਾਜ਼ ਹੋਵੇ ਤਾਂ 15 ਦਿਨਾਂ ਦੇ ਅੰਦਰ ਦਫਤਰ ਵਿਖੇ ਸੰਪਰਕ ਕਰੇ।
Public Notice
ਦਫਤਰ ਸਬ-ਰਜਿਸਟਰਾਰ ਜਗਰਾਉਂ। ਨੋਟਿਸ ਅਧੀਨ ਧਾਰਾ। ਸਬੰਧਤ ਧਿਰਾਂ ਨੂੰ ਸੂਚਿਤ ਕੀਤਾ ਜਾਂਦਾ ਹੈ ਕਿ ਮਿਤੀ 25-09-2025 ਨੂੰ ਦਫਤਰ ਵਿਖੇ ਹਾਜ਼ਰ ਹੋਣ।
Public Notice
ਮੈਂ ਰਾਮ ਲਾਲ ਪੁੱਤਰ ਸ਼ਿਵ ਰਾਮ ਵਾਸੀ ਲੁਧਿਆਣਾ ਸੂਚਿਤ ਕਰਦਾ ਹਾਂ ਕਿ ਮੇਰੀ ਰਜਿਸਟਰੀ ਨੰਬਰ 6260 ਮਿਤੀ 08-03-2025 ਦੀ ਅਸਲ ਕਾਪੀ ਗੁੰਮ ਹੋ ਗਈ ਹੈ। ਮੋਬਾਈਲ: 75080-11581
PUBLIC NOTICE
ਮੈਂ ਜਗਦੀਪ ਸਿੰਘ ਪੁੱਤਰ ਹਰਬੰਸ ਸਿੰਘ ਵਾਸੀ ਪਿੰਡ ਗਿੱਲ, ਜ਼ਿਲ੍ਹਾ ਲੁਧਿਆਣਾ ਸੂਚਿਤ ਕਰਦਾ ਹਾਂ ਕਿ ਮੇਰਾ ਵਾਹਨ ਨੰਬਰ PB10-0000 ਦੀ ਆਰ.ਸੀ. ਗੁੰਮ ਹੋ ਗਈ ਹੈ। ਮਿਤੀ 20-08-2025
ਖਾਕਸਾਰ ਅੰਗਰ ਸ਼ਬਦੀ, ਵੀ.ਸੀ.ਐਸ. ਵਾਲੇ ਡਿਪਟੀ ਕਮਿਸ਼ਨਰ ਵੱਲੋਂ ਸੰਗਰੂਰ
ਅਸੀਂ ਇਸ਼ਤਿਹਾਰ ਰਾਹੀਂ ਸਾਰੇ ਸਬੰਧਤਾਂ ਨੂੰ ਸੂਚਿਤ ਕਰਦੇ ਹਾਂ ਕਿ FLAT NO. 616, ANMYA FRANSIS 601 LARMAKA RD AT GATE, KONTOS APTS. ਦਾ ਰਜਿਸਟਰੇਸ਼ਨ ਸਰਟੀਫਿਕੇਟ ਗੁੰਮ ਹੋ ਗਿਆ ਹੈ। 22/08/2025
ਵਾਸਤੇ ਅਦਾਲਤ ਸ੍ਰੀ ਸਿਵਲ ਜੱਜ (ਸੀਨੀਅਰ ਡਿਵੀਜ਼ਨ)। ਕੇਸ ਨੰਬਰ ਮਿਤੀ 08.08.2025 ਅਗਲੀ ਪੇਸ਼ੀ 10.09.2025 ਫੋਨ ਨੰਬਰ ਦਿੱਤਾ ਗਿਆ।
ਦਫਤਰ ਸਬ-ਰਜਿਸਟਰਾਰ ਜਗਰਾਉਂ
ਨੋਟਿਸ ਅਧੀਨ ਧਾਰਾ ਸਬੰਧਤ ਧਿਰਾਂ ਨੂੰ ਸੂਚਿਤ ਕੀਤਾ ਜਾਂਦਾ ਹੈ ਕਿ ਉਹ ਮਿਤੀ 21-08-2025 ਨੂੰ ਹਾਜ਼ਰ ਹੋਣ।
Public Notice
ਮੈਂ ਸਰਬਜੀਤ ਸਿੰਘ ਪੁੱਤਰ ਜਸਵੰਤ ਸਿੰਘ ਵਾਸੀ ਲੁਧਿਆਣਾ ਸੂਚਿਤ ਕਰਦਾ ਹਾਂ ਕਿ ਮੇਰੀ ਜ਼ਮੀਨ ਦੇ ਕਾਗਜ਼ ਗੁੰਮ ਹੋ ਗਏ ਹਨ। ਖਸਰਾ ਨੰ: 3/5/2001, 20/10/2023, 14//10/2020 ਮਿਤੀ 26-08-2025
ਇਸ਼ਤਿਹਾਰ ਅਤੇ ਕਲਾਸੀਫਾਈਡ ਕੇਵਲ ਅਦਾਰਾ 'ਪਹਿਰੇਦਾਰ' ਦੀ ਈ-ਮੇਲ rozanapehredaradvt@gmail.com 'ਤੇ ਹੀ ਭੇਜੇ ਜਾਣ।
